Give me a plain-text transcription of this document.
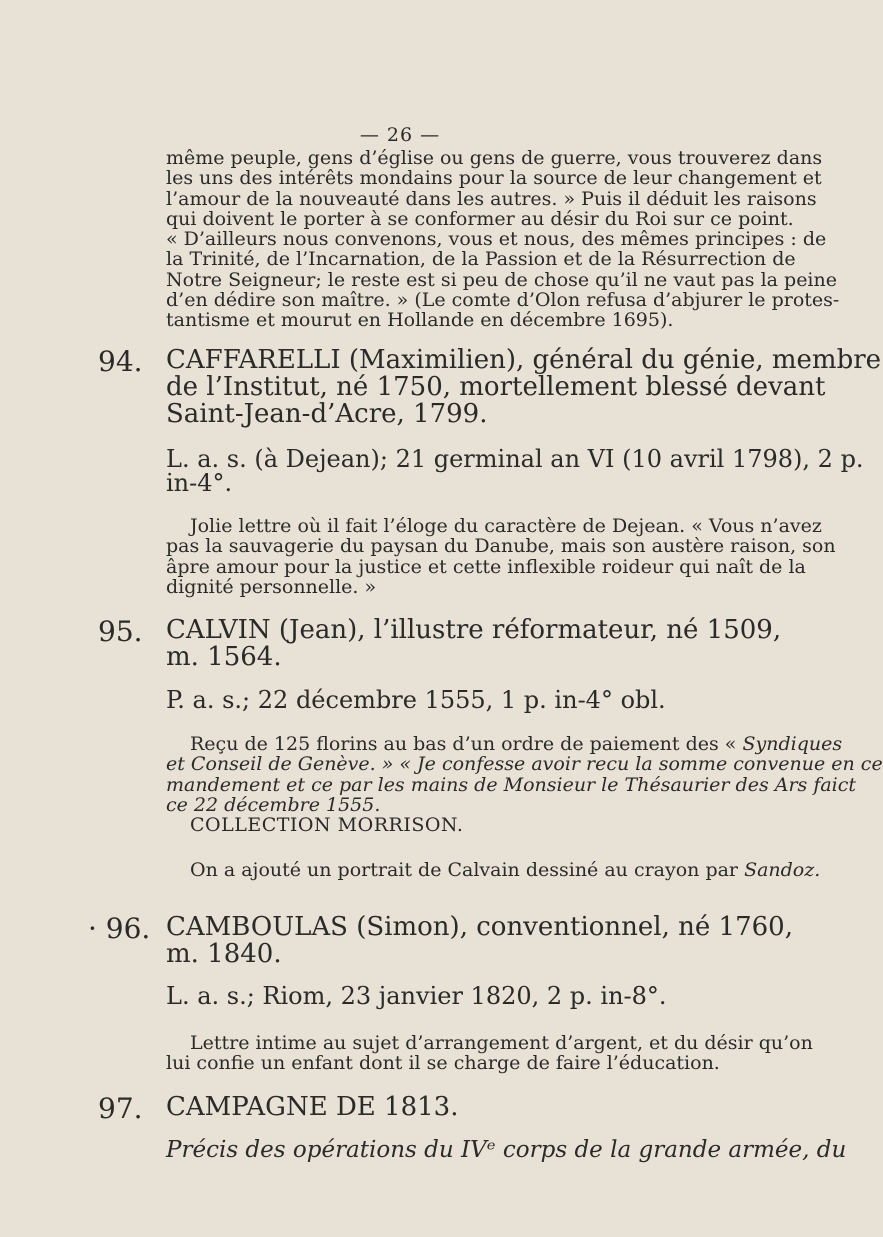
— 26 —
même peuple, gens d’église ou gens de guerre, vous trouverez dans
les uns des intérêts mondains pour la source de leur changement et
l’amour de la nouveauté dans les autres. » Puis il déduit les raisons
qui doivent le porter à se conformer au désir du Roi sur ce point.
« D’ailleurs nous convenons, vous et nous, des mêmes principes : de
la Trinité, de l’Incarnation, de la Passion et de la Résurrection de
Notre Seigneur; le reste est si peu de chose qu’il ne vaut pas la peine
d’en dédire son maître. » (Le comte d’Olon refusa d’abjurer le protes-
tantisme et mourut en Hollande en décembre 1695).
94. CAFFARELLI (Maximilien), général du génie, membre
de l’Institut, né 1750, mortellement blessé devant
Saint-Jean-d’Acre, 1799.
L. a. s. (à Dejean); 21 germinal an VI (10 avril 1798), 2 p.
in-4°.
Jolie lettre où il fait l’éloge du caractère de Dejean. « Vous n’avez
pas la sauvagerie du paysan du Danube, mais son austère raison, son
âpre amour pour la justice et cette inflexible roideur qui naît de la
dignité personnelle. »
95. CALVIN (Jean), l’illustre réformateur, né 1509,
m. 1564.
P. a. s.; 22 décembre 1555, 1 p. in-4° obl.
Reçu de 125 florins au bas d’un ordre de paiement des « Syndiques
et Conseil de Genève. » « Je confesse avoir recu la somme convenue en ce
mandement et ce par les mains de Monsieur le Thésaurier des Ars faict
ce 22 décembre 1555.
COLLECTION MORRISON.
On a ajouté un portrait de Calvain dessiné au crayon par Sandoz.
· 96. CAMBOULAS (Simon), conventionnel, né 1760,
m. 1840.
L. a. s.; Riom, 23 janvier 1820, 2 p. in-8°.
Lettre intime au sujet d’arrangement d’argent, et du désir qu’on
lui confie un enfant dont il se charge de faire l’éducation.
97. CAMPAGNE DE 1813.
Précis des opérations du IVᵉ corps de la grande armée, du
